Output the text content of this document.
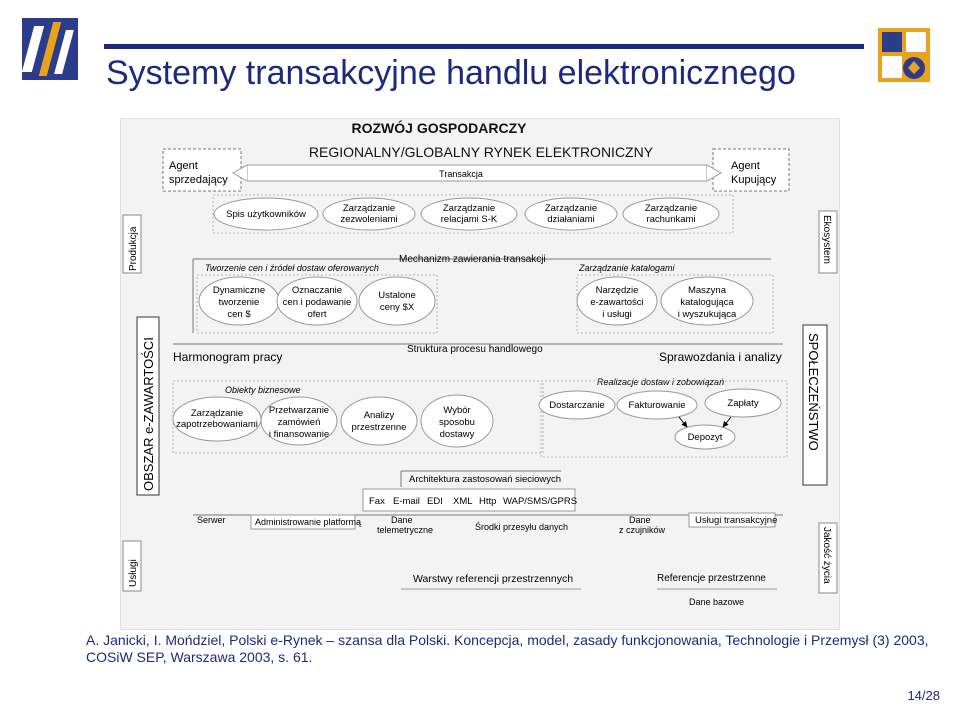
Systemy transakcyjne handlu elektronicznego
ROZWÓJ GOSPODARCZY
REGIONALNY/GLOBALNY RYNEK ELEKTRONICZNY
Agent
sprzedający
Agent
Kupujący
Transakcja
Spis użytkowników
Zarządzanie
zezwoleniami
Zarządzanie
relacjami S-K
Zarządzanie
działaniami
Zarządzanie
rachunkami
Mechanizm zawierania transakcji
Tworzenie cen i źródeł dostaw oferowanych	Zarządzanie katalogami
Dynamiczne
tworzenie
cen $
Oznaczanie
cen i podawanie
ofert
Ustalone
ceny $X
Narzędzie
e-zawartości
i usługi
Maszyna
katalogująca
i wyszukująca
Struktura procesu handlowego
Harmonogram pracy	Sprawozdania i analizy
Obiekty biznesowe
Realizacje dostaw i zobowiązań
Zarządzanie
zapotrzebowaniami
Przetwarzanie
zamówień
i finansowanie
Analizy
przestrzenne
Wybór
sposobu
dostawy
Dostarczanie	Fakturowanie	Zapłaty
Depozyt
Architektura zastosowań sieciowych
Fax E-mail EDI XML Http WAP/SMS/GPRS
Serwer	Administrowanie platformą	Dane
telemetryczne	Środki przesyłu danych
Dane
z czujników
Usługi transakcyjne
Warstwy referencji przestrzennych	Referencje przestrzenne
Dane bazowe
Produkcja
OBSZAR e-ZAWARTOŚCI
Usługi
Ekosystem
SPOŁECZEŃSTWO
Jakość życia
A. Janicki, I. Mońdziel, Polski e-Rynek – szansa dla Polski. Koncepcja, model, zasady funkcjonowania, Technologie i Przemysł (3) 2003, COSiW SEP, Warszawa 2003, s. 61.
14/28
